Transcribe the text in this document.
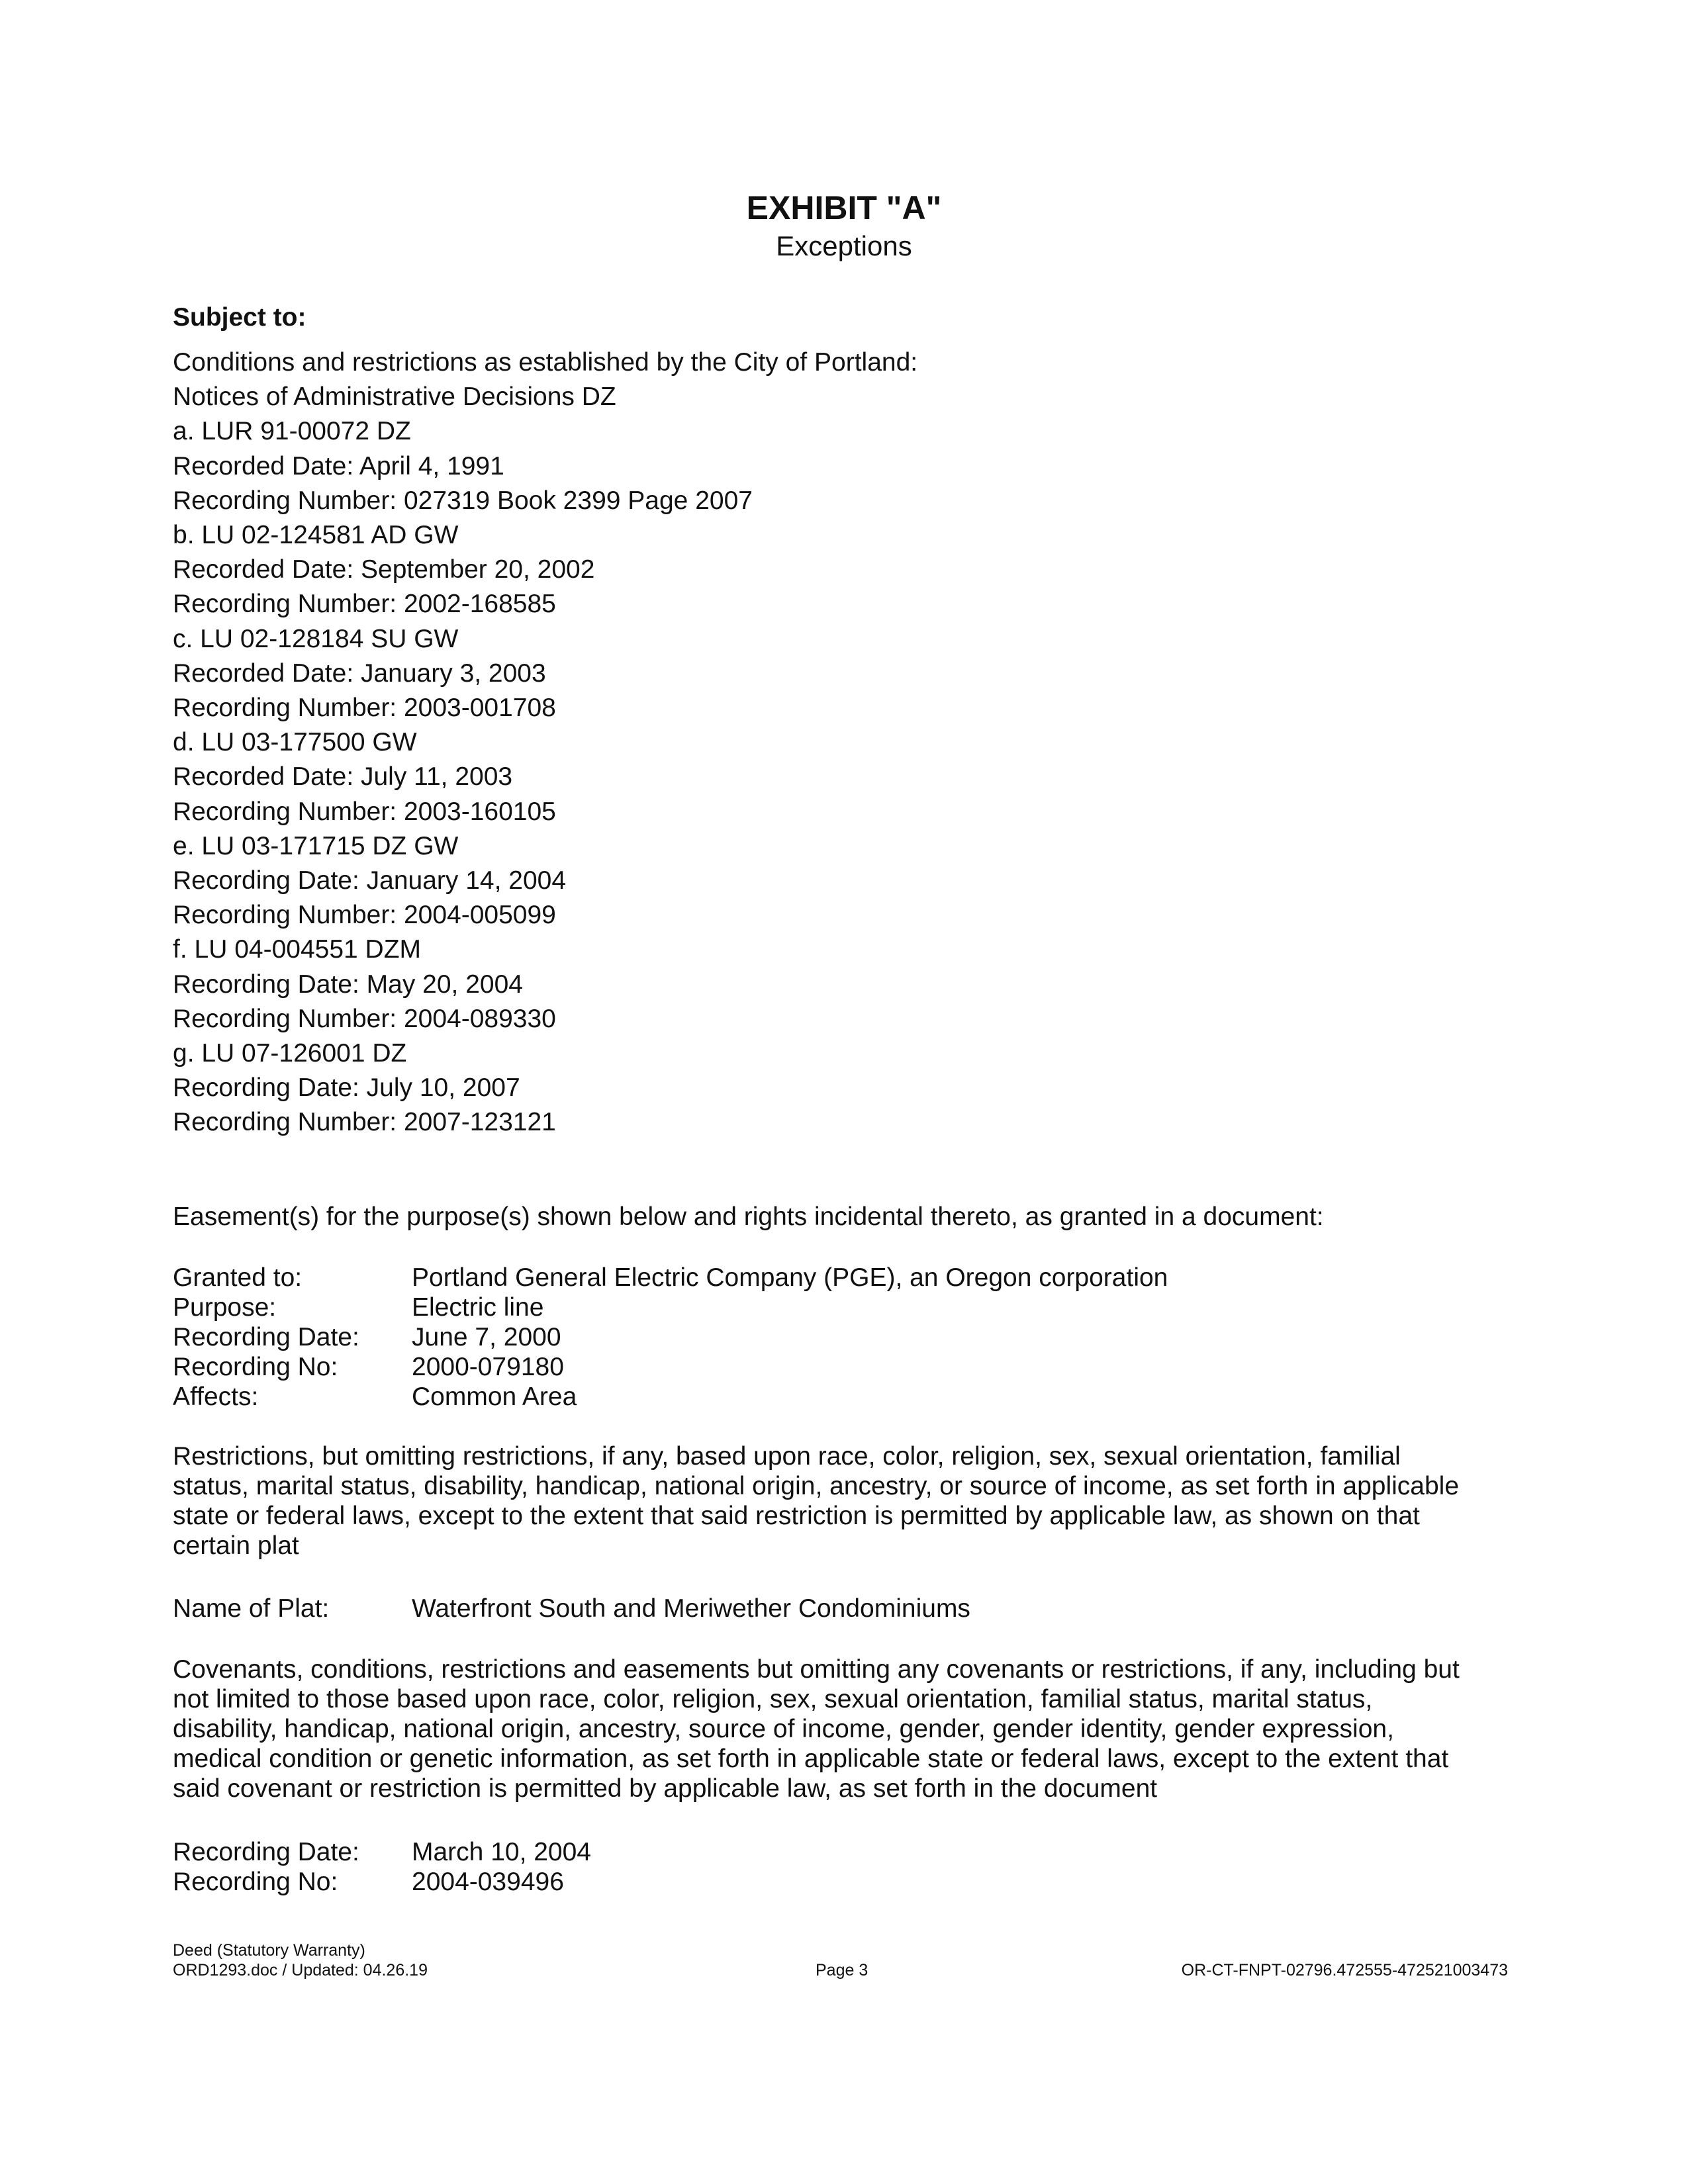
EXHIBIT "A"
Exceptions
Subject to:
Conditions and restrictions as established by the City of Portland:
Notices of Administrative Decisions DZ
a. LUR 91-00072 DZ
Recorded Date: April 4, 1991
Recording Number: 027319 Book 2399 Page 2007
b. LU 02-124581 AD GW
Recorded Date: September 20, 2002
Recording Number: 2002-168585
c. LU 02-128184 SU GW
Recorded Date: January 3, 2003
Recording Number: 2003-001708
d. LU 03-177500 GW
Recorded Date: July 11, 2003
Recording Number: 2003-160105
e. LU 03-171715 DZ GW
Recording Date: January 14, 2004
Recording Number: 2004-005099
f. LU 04-004551 DZM
Recording Date: May 20, 2004
Recording Number: 2004-089330
g. LU 07-126001 DZ
Recording Date: July 10, 2007
Recording Number: 2007-123121
Easement(s) for the purpose(s) shown below and rights incidental thereto, as granted in a document:
Granted to:	Portland General Electric Company (PGE), an Oregon corporation
Purpose:	Electric line
Recording Date: June 7, 2000
Recording No:	2000-079180
Affects:	Common Area
Restrictions, but omitting restrictions, if any, based upon race, color, religion, sex, sexual orientation, familial
status, marital status, disability, handicap, national origin, ancestry, or source of income, as set forth in applicable
state or federal laws, except to the extent that said restriction is permitted by applicable law, as shown on that
certain plat
Name of Plat:	Waterfront South and Meriwether Condominiums
Covenants, conditions, restrictions and easements but omitting any covenants or restrictions, if any, including but
not limited to those based upon race, color, religion, sex, sexual orientation, familial status, marital status,
disability, handicap, national origin, ancestry, source of income, gender, gender identity, gender expression,
medical condition or genetic information, as set forth in applicable state or federal laws, except to the extent that
said covenant or restriction is permitted by applicable law, as set forth in the document
Recording Date: March 10, 2004
Recording No:	2004-039496
Deed (Statutory Warranty)
ORD1293.doc / Updated: 04.26.19	Page 3	OR-CT-FNPT-02796.472555-472521003473
